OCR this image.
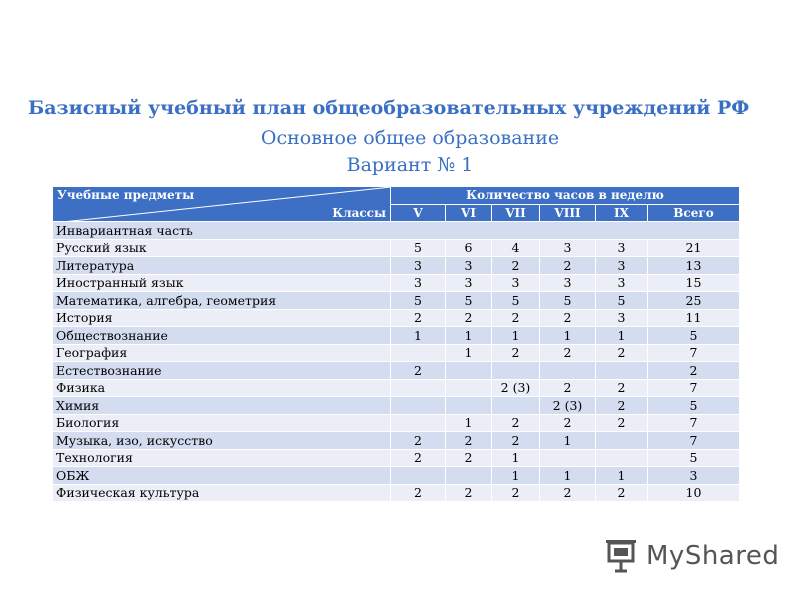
Базисный учебный план общеобразовательных учреждений РФ
Основное общее образование
Вариант № 1
Учебные предметы
Классы	Количество часов в неделю					
	V	VI	VII	VIII	IX	Всего
Инвариантная часть						
Русский язык	5	6	4	3	3	21
Литература	3	3	2	2	3	13
Иностранный язык	3	3	3	3	3	15
Математика, алгебра, геометрия	5	5	5	5	5	25
История	2	2	2	2	3	11
Обществознание	1	1	1	1	1	5
География		1	2	2	2	7
Естествознание	2					2
Физика			2 (3)	2	2	7
Химия				2 (3)	2	5
Биология		1	2	2	2	7
Музыка, изо, искусство	2	2	2	1		7
Технология	2	2	1			5
ОБЖ			1	1	1	3
Физическая культура	2	2	2	2	2	10
MyShared
